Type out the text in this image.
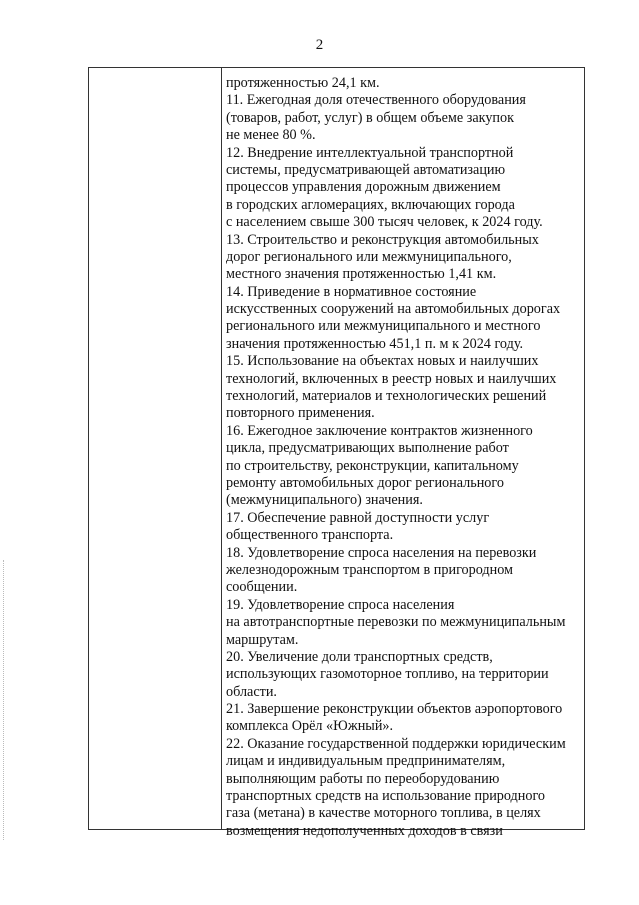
2
протяженностью 24,1 км.
11. Ежегодная доля отечественного оборудования
(товаров, работ, услуг) в общем объеме закупок
не менее 80 %.
12. Внедрение интеллектуальной транспортной
системы, предусматривающей автоматизацию
процессов управления дорожным движением
в городских агломерациях, включающих города
с населением свыше 300 тысяч человек, к 2024 году.
13. Строительство и реконструкция автомобильных
дорог регионального или межмуниципального,
местного значения протяженностью 1,41 км.
14. Приведение в нормативное состояние
искусственных сооружений на автомобильных дорогах
регионального или межмуниципального и местного
значения протяженностью 451,1 п. м к 2024 году.
15. Использование на объектах новых и наилучших
технологий, включенных в реестр новых и наилучших
технологий, материалов и технологических решений
повторного применения.
16. Ежегодное заключение контрактов жизненного
цикла, предусматривающих выполнение работ
по строительству, реконструкции, капитальному
ремонту автомобильных дорог регионального
(межмуниципального) значения.
17. Обеспечение равной доступности услуг
общественного транспорта.
18. Удовлетворение спроса населения на перевозки
железнодорожным транспортом в пригородном
сообщении.
19. Удовлетворение спроса населения
на автотранспортные перевозки по межмуниципальным
маршрутам.
20. Увеличение доли транспортных средств,
использующих газомоторное топливо, на территории
области.
21. Завершение реконструкции объектов аэропортового
комплекса Орёл «Южный».
22. Оказание государственной поддержки юридическим
лицам и индивидуальным предпринимателям,
выполняющим работы по переоборудованию
транспортных средств на использование природного
газа (метана) в качестве моторного топлива, в целях
возмещения недополученных доходов в связи
